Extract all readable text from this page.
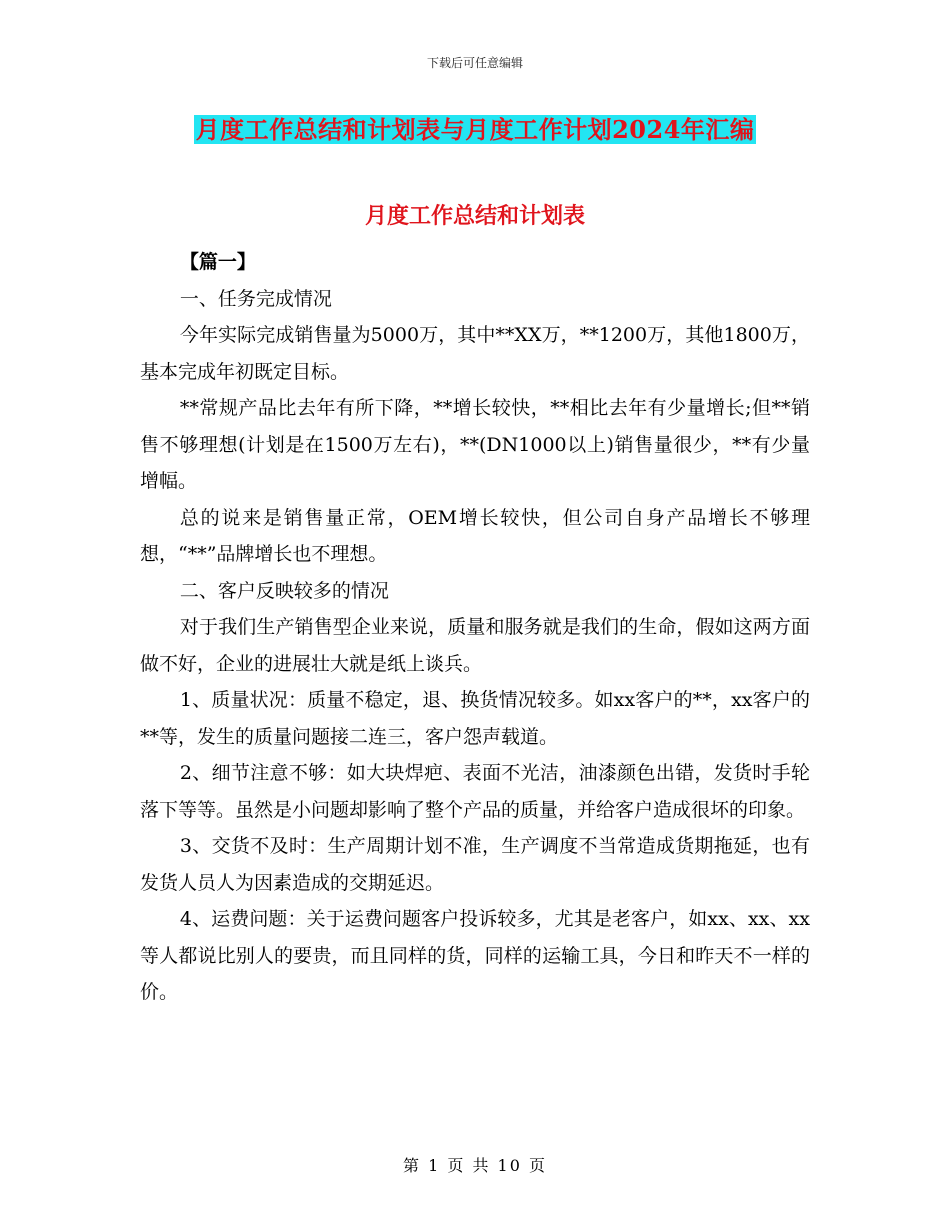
下载后可任意编辑
月度工作总结和计划表与月度工作计划2024年汇编
月度工作总结和计划表

【篇一】

一、任务完成情况

今年实际完成销售量为5000万，其中**XX万，**1200万，其他1800万，基本完成年初既定目标。

**常规产品比去年有所下降，**增长较快，**相比去年有少量增长;但**销售不够理想(计划是在1500万左右)，**(DN1000以上)销售量很少，**有少量增幅。

总的说来是销售量正常，OEM增长较快，但公司自身产品增长不够理想，“**”品牌增长也不理想。

二、客户反映较多的情况

对于我们生产销售型企业来说，质量和服务就是我们的生命，假如这两方面做不好，企业的进展壮大就是纸上谈兵。

1、质量状况：质量不稳定，退、换货情况较多。如xx客户的**，xx客户的**等，发生的质量问题接二连三，客户怨声载道。

2、细节注意不够：如大块焊疤、表面不光洁，油漆颜色出错，发货时手轮落下等等。虽然是小问题却影响了整个产品的质量，并给客户造成很坏的印象。

3、交货不及时：生产周期计划不准，生产调度不当常造成货期拖延，也有发货人员人为因素造成的交期延迟。

4、运费问题：关于运费问题客户投诉较多，尤其是老客户，如xx、xx、xx等人都说比别人的要贵，而且同样的货，同样的运输工具，今日和昨天不一样的价。

第 1 页 共 10 页
